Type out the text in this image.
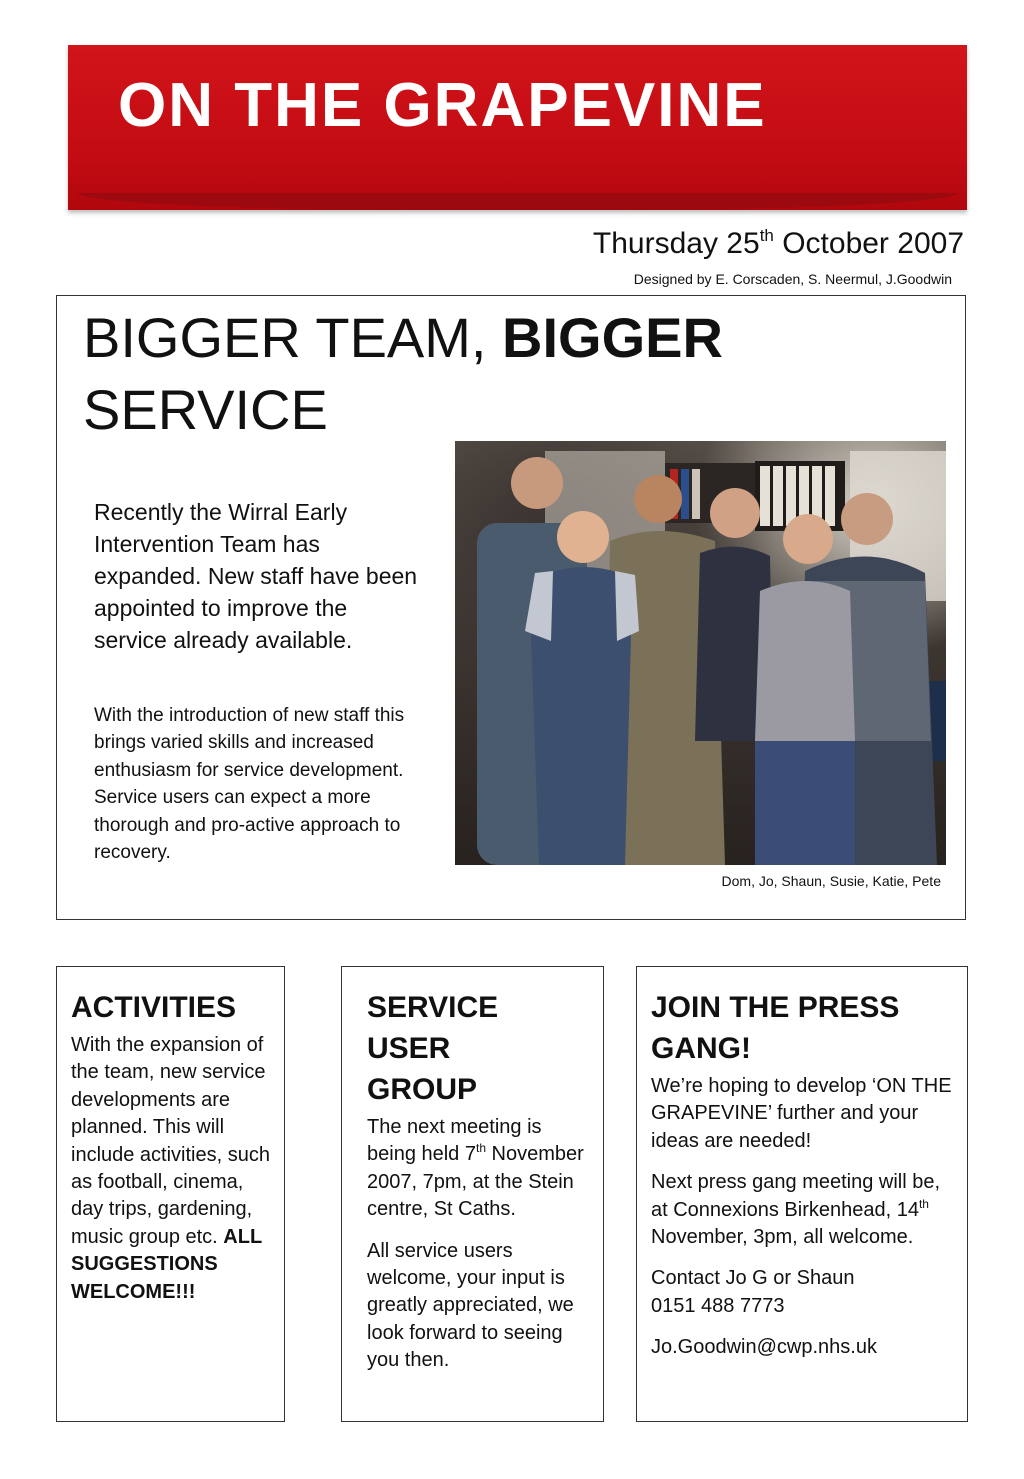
ON THE GRAPEVINE
Thursday 25th October 2007
Designed by E. Corscaden, S. Neermul, J.Goodwin
BIGGER TEAM, BIGGER
SERVICE
Recently the Wirral Early Intervention Team has expanded. New staff have been appointed to improve the service already available.
With the introduction of new staff this brings varied skills and increased enthusiasm for service development. Service users can expect a more thorough and pro-active approach to recovery.
Dom, Jo, Shaun, Susie, Katie, Pete
ACTIVITIES
With the expansion of the team, new service developments are planned. This will include activities, such as football, cinema, day trips, gardening, music group etc. ALL SUGGESTIONS WELCOME!!!
SERVICE USER GROUP
The next meeting is being held 7th November 2007, 7pm, at the Stein centre, St Caths.
All service users welcome, your input is greatly appreciated, we look forward to seeing you then.
JOIN THE PRESS GANG!
We’re hoping to develop ‘ON THE GRAPEVINE’ further and your ideas are needed!
Next press gang meeting will be, at Connexions Birkenhead, 14th November, 3pm, all welcome.
Contact Jo G or Shaun
0151 488 7773
Jo.Goodwin@cwp.nhs.uk
